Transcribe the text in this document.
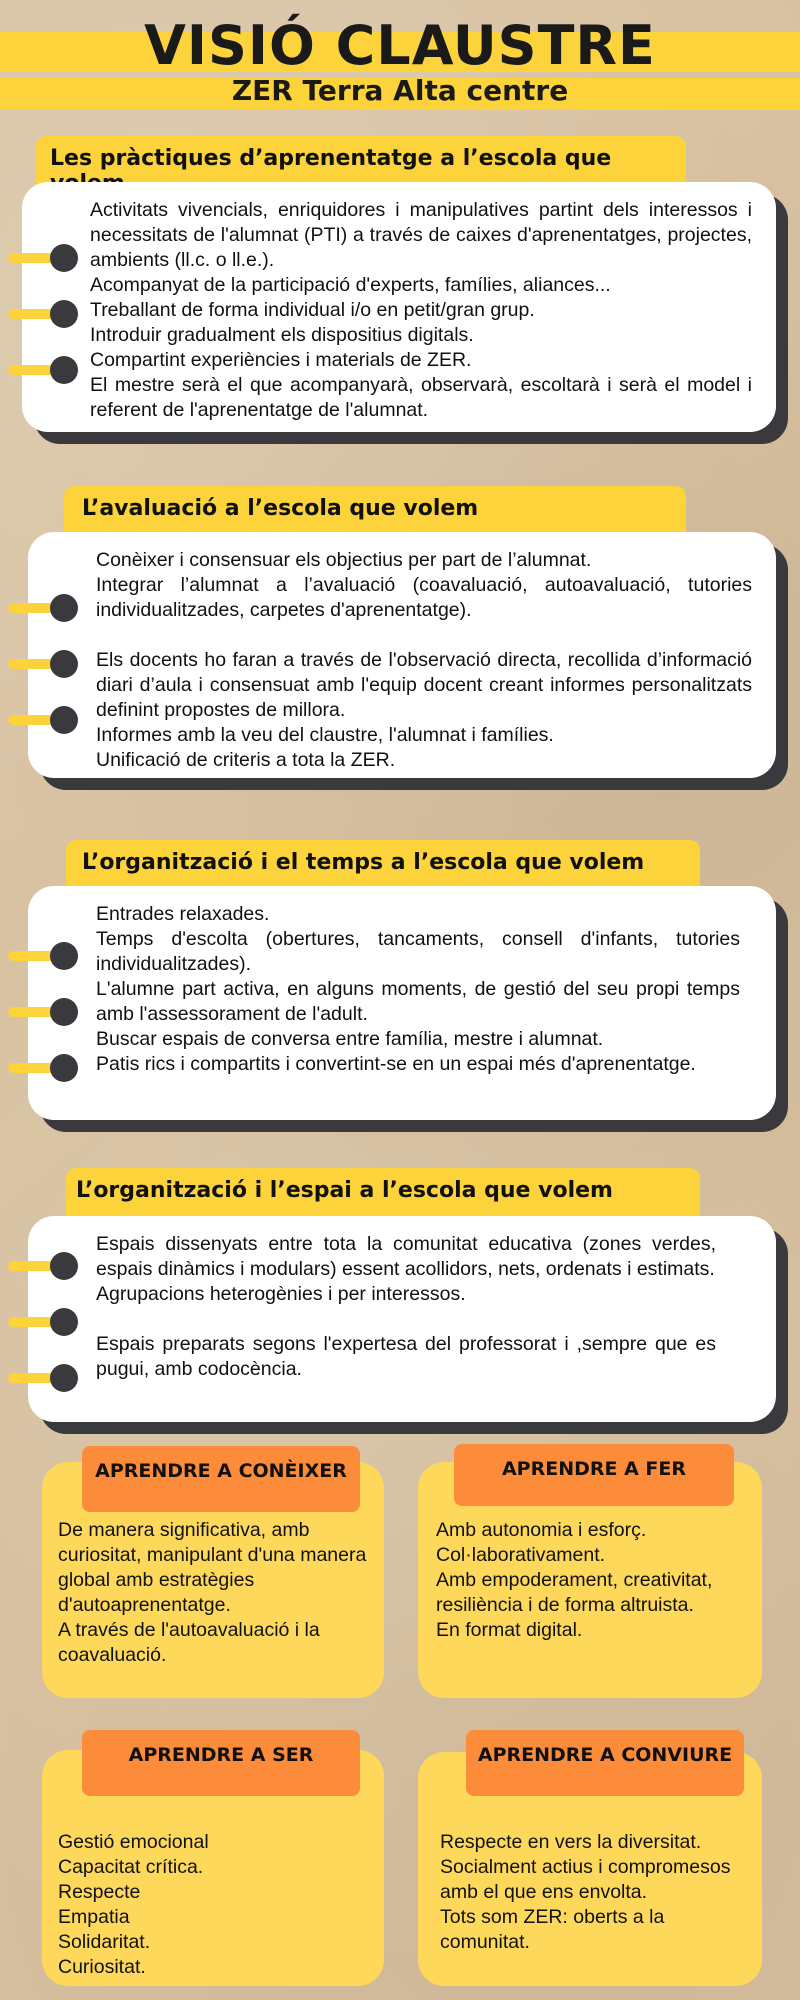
VISIÓ CLAUSTRE
ZER Terra Alta centre
Les pràctiques d’aprenentatge a l’escola que

Activitats vivencials, enriquidores i manipulatives partint dels interessos i necessitats de l'alumnat (PTI) a través de caixes d'aprenentatges, projectes, ambients (ll.c. o ll.e.).

Acompanyat de la participació d'experts, famílies, aliances...

Treballant de forma individual i/o en petit/gran grup.

Introduir gradualment els dispositius digitals.

Compartint experiències i materials de ZER.

El mestre serà el que acompanyarà, observarà, escoltarà i serà el model i referent de l'aprenentatge de l'alumnat.

L’avaluació a l’escola que volem

Conèixer i consensuar els objectius per part de l’alumnat.

Integrar l’alumnat a l’avaluació (coavaluació, autoavaluació, tutories individualitzades, carpetes d'aprenentatge).

Els docents ho faran a través de l'observació directa, recollida d’informació diari d’aula i consensuat amb l'equip docent creant informes personalitzats definint propostes de millora.

Informes amb la veu del claustre, l'alumnat i famílies.

Unificació de criteris a tota la ZER.

L’organització i el temps a l’escola que volem

Entrades relaxades.

Temps d'escolta (obertures, tancaments, consell d'infants, tutories individualitzades).

L'alumne part activa, en alguns moments, de gestió del seu propi temps amb l'assessorament de l'adult.

Buscar espais de conversa entre família, mestre i alumnat.

Patis rics i compartits i convertint-se en un espai més d'aprenentatge.

L’organització i l’espai a l’escola que volem

Espais dissenyats entre tota la comunitat educativa (zones verdes, espais dinàmics i modulars) essent acollidors, nets, ordenats i estimats.

Agrupacions heterogènies i per interessos.

Espais preparats segons l'expertesa del professorat i ,sempre que es pugui, amb codocència.

De manera significativa, amb curiositat, manipulant d'una manera global amb estratègies d'autoaprenentatge.

A través de l'autoavaluació i la coavaluació.

APRENDRE A CONÈIXER

Amb autonomia i esforç.

Col·laborativament.

Amb empoderament, creativitat, resiliència i de forma altruista.

En format digital.

APRENDRE A FER

Gestió emocional

Capacitat crítica.

Respecte

Empatia

Solidaritat.

Curiositat.

APRENDRE A SER

Respecte en vers la diversitat.

Socialment actius i compromesos amb el que ens envolta.

Tots som ZER: oberts a la comunitat.

APRENDRE A CONVIURE
